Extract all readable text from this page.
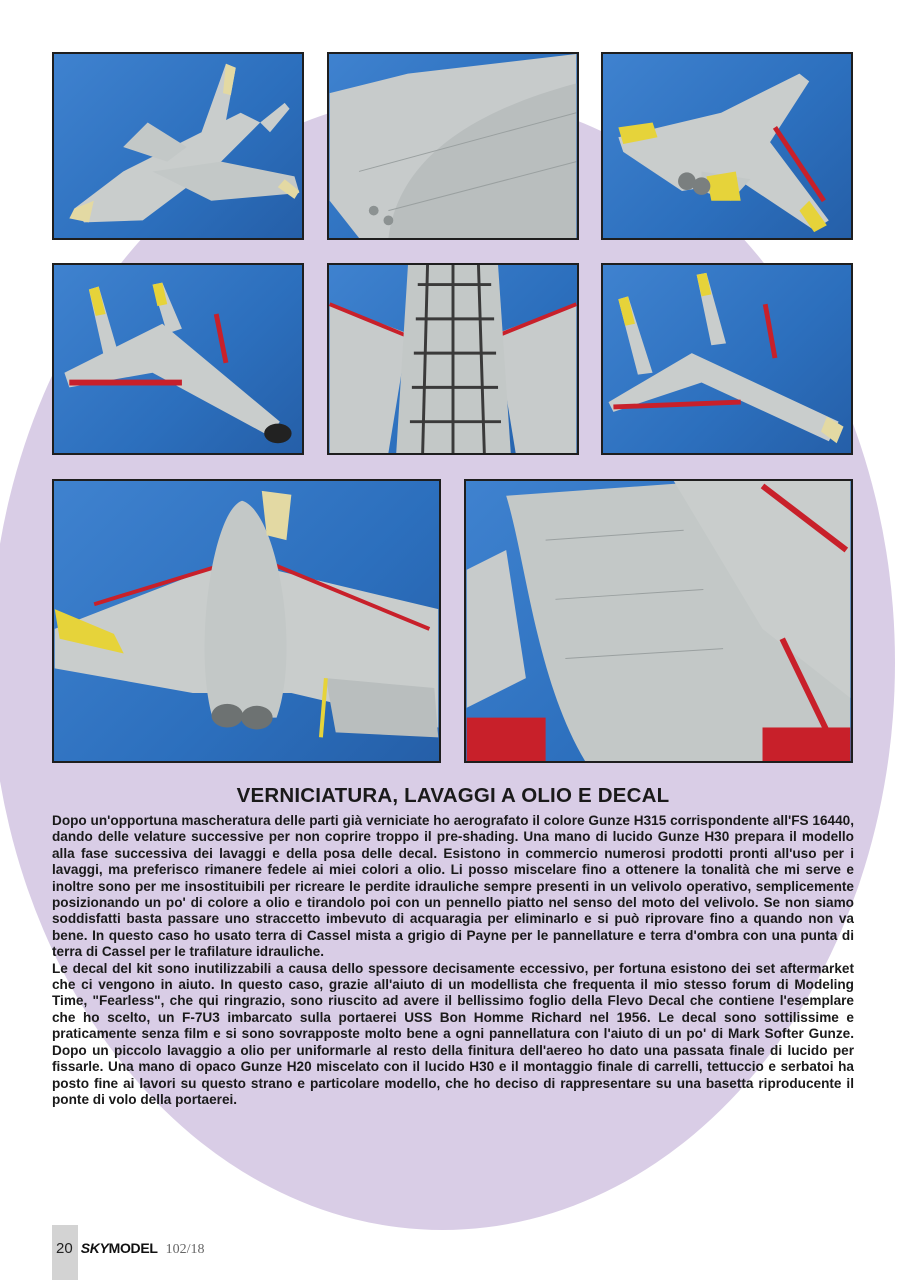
VERNICIATURA, LAVAGGI A OLIO E DECAL

Dopo un'opportuna mascheratura delle parti già verniciate ho aerografato il colore Gunze H315 corrispondente all'FS 16440, dando delle velature successive per non coprire troppo il pre-shading. Una mano di lucido Gunze H30 prepara il modello alla fase successiva dei lavaggi e della posa delle decal. Esistono in commercio numerosi prodotti pronti all'uso per i lavaggi, ma preferisco rimanere fedele ai miei colori a olio. Li posso miscelare fino a ottenere la tonalità che mi serve e inoltre sono per me insostituibili per ricreare le perdite idrauliche sempre presenti in un velivolo operativo, semplicemente posizionando un po' di colore a olio e tirandolo poi con un pennello piatto nel senso del moto del velivolo. Se non siamo soddisfatti basta passare uno straccetto imbevuto di acquaragia per eliminarlo e si può riprovare fino a quando non va bene. In questo caso ho usato terra di Cassel mista a grigio di Payne per le pannellature e terra d'ombra con una punta di terra di Cassel per le trafilature idrauliche.

Le decal del kit sono inutilizzabili a causa dello spessore decisamente eccessivo, per fortuna esistono dei set aftermarket che ci vengono in aiuto. In questo caso, grazie all'aiuto di un modellista che frequenta il mio stesso forum di Modeling Time, "Fearless", che qui ringrazio, sono riuscito ad avere il bellissimo foglio della Flevo Decal che contiene l'esemplare che ho scelto, un F-7U3 imbarcato sulla portaerei USS Bon Homme Richard nel 1956. Le decal sono sottilissime e praticamente senza film e si sono sovrapposte molto bene a ogni pannellatura con l'aiuto di un po' di Mark Softer Gunze. Dopo un piccolo lavaggio a olio per uniformarle al resto della finitura dell'aereo ho dato una passata finale di lucido per fissarle. Una mano di opaco Gunze H20 miscelato con il lucido H30 e il montaggio finale di carrelli, tettuccio e serbatoi ha posto fine ai lavori su questo strano e particolare modello, che ho deciso di rappresentare su una basetta riproducente il ponte di volo della portaerei.

20 SKYMODEL 102/18
